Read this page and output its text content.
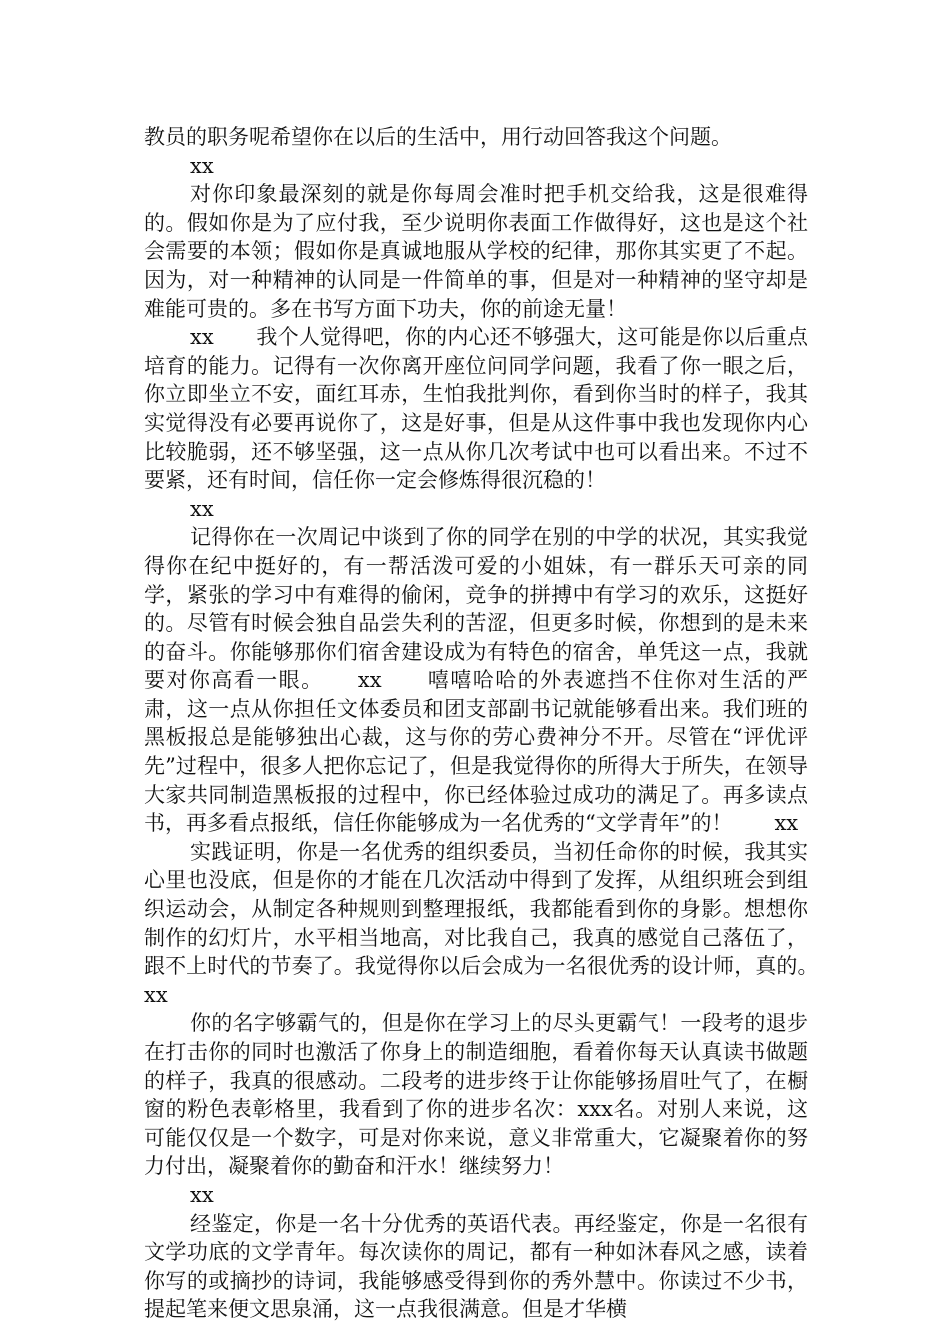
教员的职务呢希望你在以后的生活中，用行动回答我这个问题。

xx

对你印象最深刻的就是你每周会准时把手机交给我，这是很难得的。假如你是为了应付我，至少说明你表面工作做得好，这也是这个社会需要的本领；假如你是真诚地服从学校的纪律，那你其实更了不起。因为，对一种精神的认同是一件简单的事，但是对一种精神的坚守却是难能可贵的。多在书写方面下功夫，你的前途无量！

xx　　我个人觉得吧，你的内心还不够强大，这可能是你以后重点培育的能力。记得有一次你离开座位问同学问题，我看了你一眼之后，你立即坐立不安，面红耳赤，生怕我批判你，看到你当时的样子，我其实觉得没有必要再说你了，这是好事，但是从这件事中我也发现你内心比较脆弱，还不够坚强，这一点从你几次考试中也可以看出来。不过不要紧，还有时间，信任你一定会修炼得很沉稳的！

xx

记得你在一次周记中谈到了你的同学在别的中学的状况，其实我觉得你在纪中挺好的，有一帮活泼可爱的小姐妹，有一群乐天可亲的同学，紧张的学习中有难得的偷闲，竞争的拼搏中有学习的欢乐，这挺好的。尽管有时候会独自品尝失利的苦涩，但更多时候，你想到的是未来的奋斗。你能够那你们宿舍建设成为有特色的宿舍，单凭这一点，我就要对你高看一眼。　　xx　　嘻嘻哈哈的外表遮挡不住你对生活的严肃，这一点从你担任文体委员和团支部副书记就能够看出来。我们班的黑板报总是能够独出心裁，这与你的劳心费神分不开。尽管在“评优评先”过程中，很多人把你忘记了，但是我觉得你的所得大于所失，在领导大家共同制造黑板报的过程中，你已经体验过成功的满足了。再多读点书，再多看点报纸，信任你能够成为一名优秀的“文学青年”的！　　xx

实践证明，你是一名优秀的组织委员，当初任命你的时候，我其实心里也没底，但是你的才能在几次活动中得到了发挥，从组织班会到组织运动会，从制定各种规则到整理报纸，我都能看到你的身影。想想你制作的幻灯片，水平相当地高，对比我自己，我真的感觉自己落伍了，跟不上时代的节奏了。我觉得你以后会成为一名很优秀的设计师，真的。　　xx

你的名字够霸气的，但是你在学习上的尽头更霸气！一段考的退步在打击你的同时也激活了你身上的制造细胞，看着你每天认真读书做题的样子，我真的很感动。二段考的进步终于让你能够扬眉吐气了，在橱窗的粉色表彰格里，我看到了你的进步名次：xxx名。对别人来说，这可能仅仅是一个数字，可是对你来说，意义非常重大，它凝聚着你的努力付出，凝聚着你的勤奋和汗水！继续努力！

xx

经鉴定，你是一名十分优秀的英语代表。再经鉴定，你是一名很有文学功底的文学青年。每次读你的周记，都有一种如沐春风之感，读着你写的或摘抄的诗词，我能够感受得到你的秀外慧中。你读过不少书，提起笔来便文思泉涌，这一点我很满意。但是才华横
